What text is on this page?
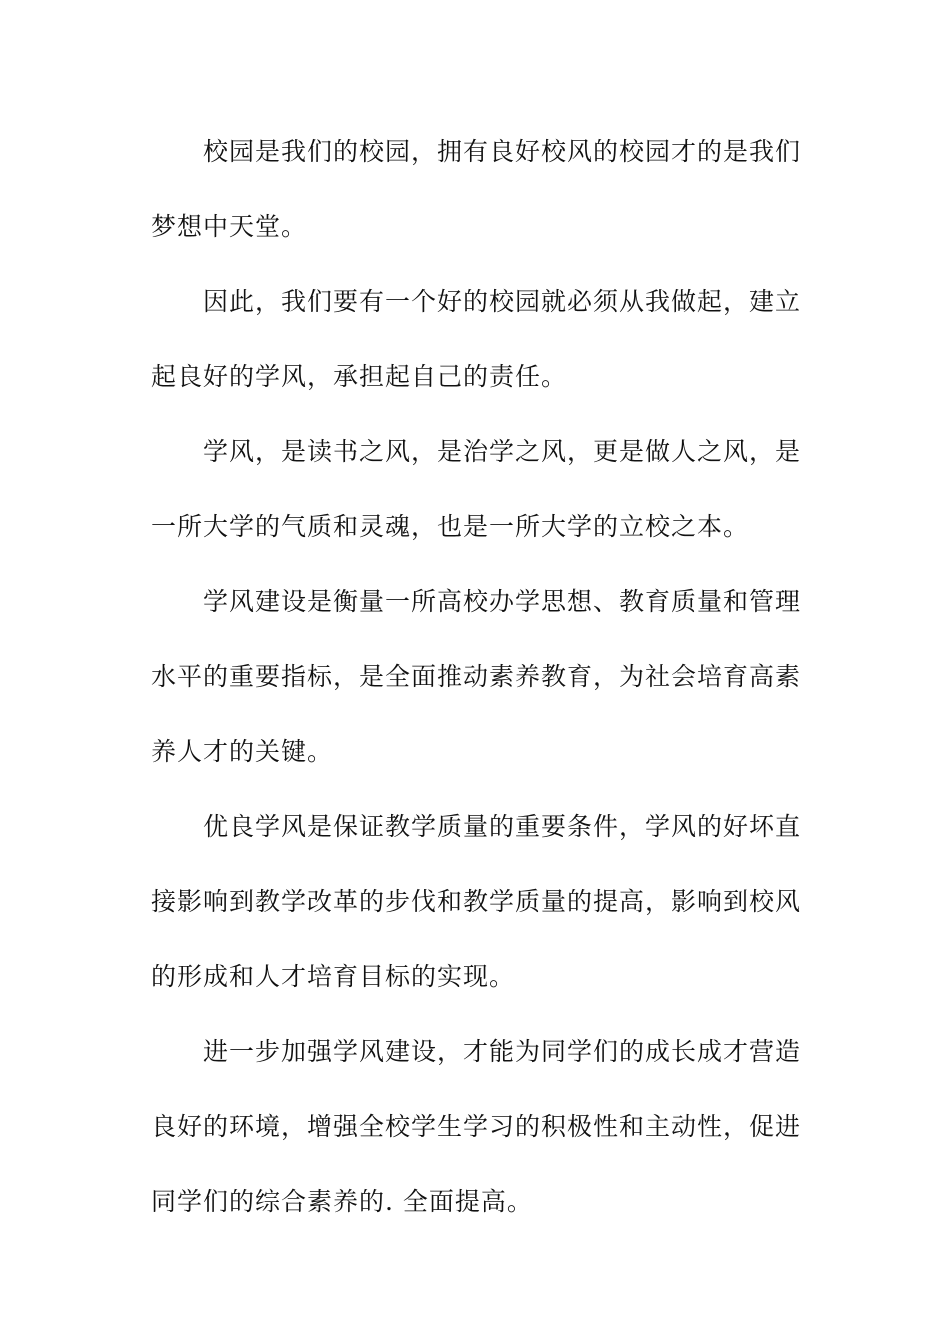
校园是我们的校园，拥有良好校风的校园才的是我们
梦想中天堂。
因此，我们要有一个好的校园就必须从我做起，建立
起良好的学风，承担起自己的责任。
学风，是读书之风，是治学之风，更是做人之风，是
一所大学的气质和灵魂，也是一所大学的立校之本。
学风建设是衡量一所高校办学思想、教育质量和管理
水平的重要指标，是全面推动素养教育，为社会培育高素
养人才的关键。
优良学风是保证教学质量的重要条件，学风的好坏直
接影响到教学改革的步伐和教学质量的提高，影响到校风
的形成和人才培育目标的实现。
进一步加强学风建设，才能为同学们的成长成才营造
良好的环境，增强全校学生学习的积极性和主动性，促进
同学们的综合素养的. 全面提高。
